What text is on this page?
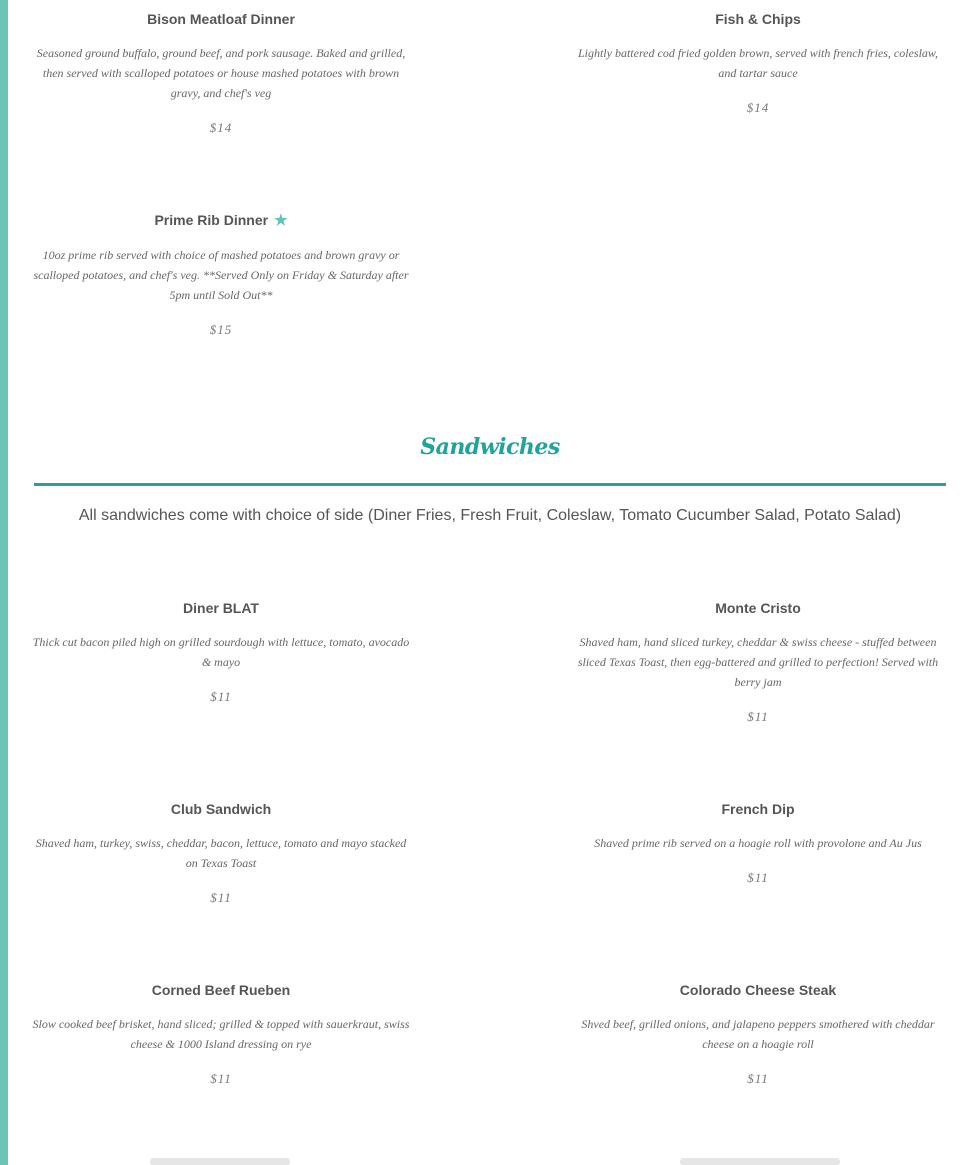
Bison Meatloaf Dinner
Seasoned ground buffalo, ground beef, and pork sausage. Baked and grilled, then served with scalloped potatoes or house mashed potatoes with brown gravy, and chef's veg
$14
Fish & Chips
Lightly battered cod fried golden brown, served with french fries, coleslaw, and tartar sauce
$14
Prime Rib Dinner ★
10oz prime rib served with choice of mashed potatoes and brown gravy or scalloped potatoes, and chef's veg. **Served Only on Friday & Saturday after 5pm until Sold Out**
$15
Sandwiches
All sandwiches come with choice of side (Diner Fries, Fresh Fruit, Coleslaw, Tomato Cucumber Salad, Potato Salad)
Diner BLAT
Thick cut bacon piled high on grilled sourdough with lettuce, tomato, avocado & mayo
$11
Monte Cristo
Shaved ham, hand sliced turkey, cheddar & swiss cheese - stuffed between sliced Texas Toast, then egg-battered and grilled to perfection! Served with berry jam
$11
Club Sandwich
Shaved ham, turkey, swiss, cheddar, bacon, lettuce, tomato and mayo stacked on Texas Toast
$11
French Dip
Shaved prime rib served on a hoagie roll with provolone and Au Jus
$11
Corned Beef Rueben
Slow cooked beef brisket, hand sliced; grilled & topped with sauerkraut, swiss cheese & 1000 Island dressing on rye
$11
Colorado Cheese Steak
Shved beef, grilled onions, and jalapeno peppers smothered with cheddar cheese on a hoagie roll
$11
